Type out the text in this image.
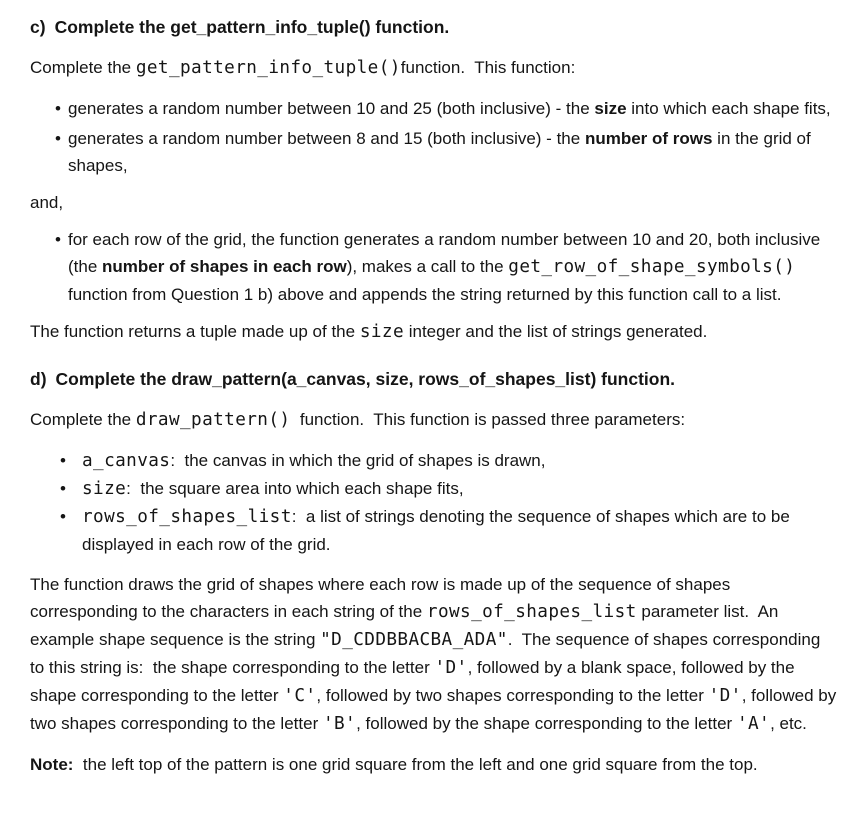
c) Complete the get_pattern_info_tuple() function.

Complete the get_pattern_info_tuple()function.  This function:

• generates a random number between 10 and 25 (both inclusive) - the size into which each shape fits,
• generates a random number between 8 and 15 (both inclusive) - the number of rows in the grid of shapes,

and,

• for each row of the grid, the function generates a random number between 10 and 20, both inclusive (the number of shapes in each row), makes a call to the get_row_of_shape_symbols()  function from Question 1 b) above and appends the string returned by this function call to a list.

The function returns a tuple made up of the size integer and the list of strings generated.

d) Complete the draw_pattern(a_canvas, size, rows_of_shapes_list) function.

Complete the draw_pattern()  function.  This function is passed three parameters:

• a_canvas:  the canvas in which the grid of shapes is drawn,
• size:  the square area into which each shape fits,
• rows_of_shapes_list:  a list of strings denoting the sequence of shapes which are to be displayed in each row of the grid.

The function draws the grid of shapes where each row is made up of the sequence of shapes corresponding to the characters in each string of the rows_of_shapes_list parameter list.  An example shape sequence is the string "D_CDDBBACBA_ADA".  The sequence of shapes corresponding to this string is:  the shape corresponding to the letter 'D', followed by a blank space, followed by the shape corresponding to the letter 'C', followed by two shapes corresponding to the letter 'D', followed by two shapes corresponding to the letter 'B', followed by the shape corresponding to the letter 'A', etc.

Note:  the left top of the pattern is one grid square from the left and one grid square from the top.
